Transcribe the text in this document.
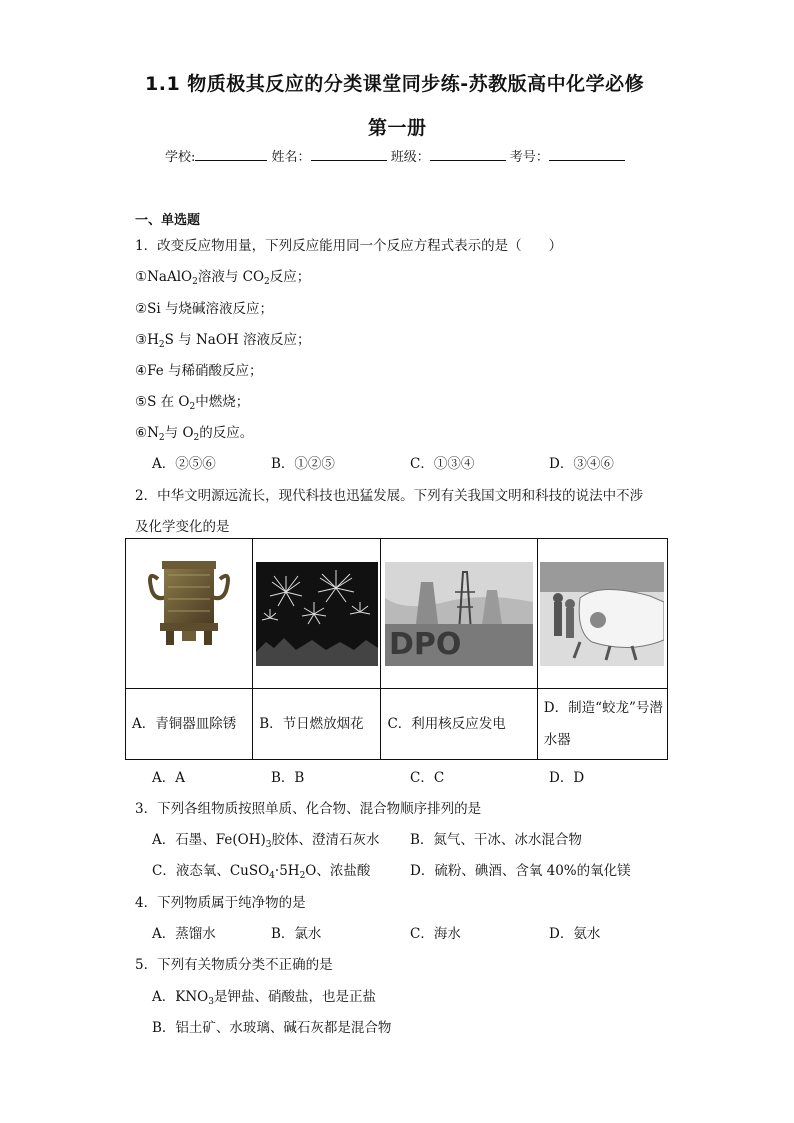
1.1 物质极其反应的分类课堂同步练-苏教版高中化学必修
第一册
学校:	姓名：	班级：	考号：
一、单选题
1．改变反应物用量，下列反应能用同一个反应方程式表示的是（　　）
①NaAlO$_2$溶液与 $CO_2$反应；
②Si 与烧碱溶液反应；
$③H_2S$ 与 NaOH 溶液反应；
④Fe 与稀硝酸反应；
⑤S 在 $O_2$中燃烧；
$⑥N_2$与 $O_2$的反应。
A．②⑤⑥	B．①②⑤	C．①③④	D．③④⑥
2．中华文明源远流长，现代科技也迅猛发展。下列有关我国文明和科技的说法中不涉
及化学变化的是

DPO

A．青铜器皿除锈	B．节日燃放烟花	C．利用核反应发电	D．制造“蛟龙”号潜
水器
A．A	B．B	C．C	D．D
3．下列各组物质按照单质、化合物、混合物顺序排列的是
A．石墨、$Fe(OH)_3$胶体、澄清石灰水 B．氮气、干冰、冰水混合物
C．液态氧、$CuSO_4\cdot 5H_2O$、浓盐酸	D．硫粉、碘酒、含氧 40%的氧化镁
4．下列物质属于纯净物的是
A．蒸馏水	B．氯水	C．海水	D．氨水
5．下列有关物质分类不正确的是
A．$KNO_3$是钾盐、硝酸盐，也是正盐
B．铝土矿、水玻璃、碱石灰都是混合物
